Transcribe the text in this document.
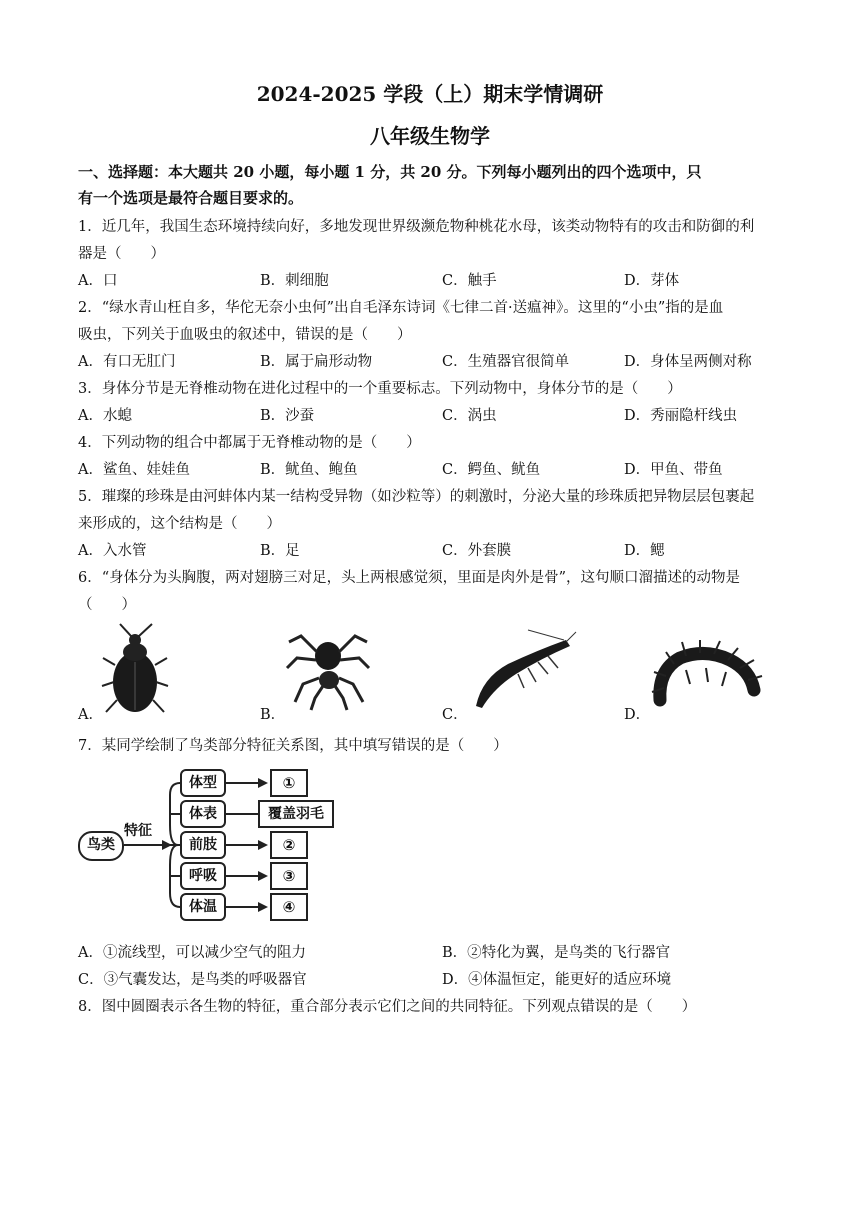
2024-2025 学段（上）期末学情调研
八年级生物学
一、选择题：本大题共 20 小题，每小题 1 分，共 20 分。下列每小题列出的四个选项中，只
有一个选项是最符合题目要求的。
1．近几年，我国生态环境持续向好，多地发现世界级濒危物种桃花水母，该类动物特有的攻击和防御的利
器是（　　）
A．口	B．刺细胞	C．触手	D．芽体
2．“绿水青山枉自多，华佗无奈小虫何”出自毛泽东诗词《七律二首·送瘟神》。这里的“小虫”指的是血
吸虫，下列关于血吸虫的叙述中，错误的是（　　）
A．有口无肛门	B．属于扁形动物	C．生殖器官很简单	D．身体呈两侧对称
3．身体分节是无脊椎动物在进化过程中的一个重要标志。下列动物中，身体分节的是（　　）
A．水螅	B．沙蚕	C．涡虫	D．秀丽隐杆线虫
4．下列动物的组合中都属于无脊椎动物的是（　　）
A．鲨鱼、娃娃鱼	B．鱿鱼、鲍鱼	C．鳄鱼、鱿鱼	D．甲鱼、带鱼
5．璀璨的珍珠是由河蚌体内某一结构受异物（如沙粒等）的刺激时，分泌大量的珍珠质把异物层层包裹起
来形成的，这个结构是（　　）
A．入水管	B．足	C．外套膜	D．鳃
6．“身体分为头胸腹，两对翅膀三对足，头上两根感觉须，里面是肉外是骨”，这句顺口溜描述的动物是
（　　）
A．	B．	C．	D．
7．某同学绘制了鸟类部分特征关系图，其中填写错误的是（　　）
鸟类
特征
体型
体表
前肢
呼吸
体温
①
覆盖羽毛
②
③
④
A．①流线型，可以减少空气的阻力	B．②特化为翼，是鸟类的飞行器官
C．③气囊发达，是鸟类的呼吸器官	D．④体温恒定，能更好的适应环境
8．图中圆圈表示各生物的特征，重合部分表示它们之间的共同特征。下列观点错误的是（　　）
